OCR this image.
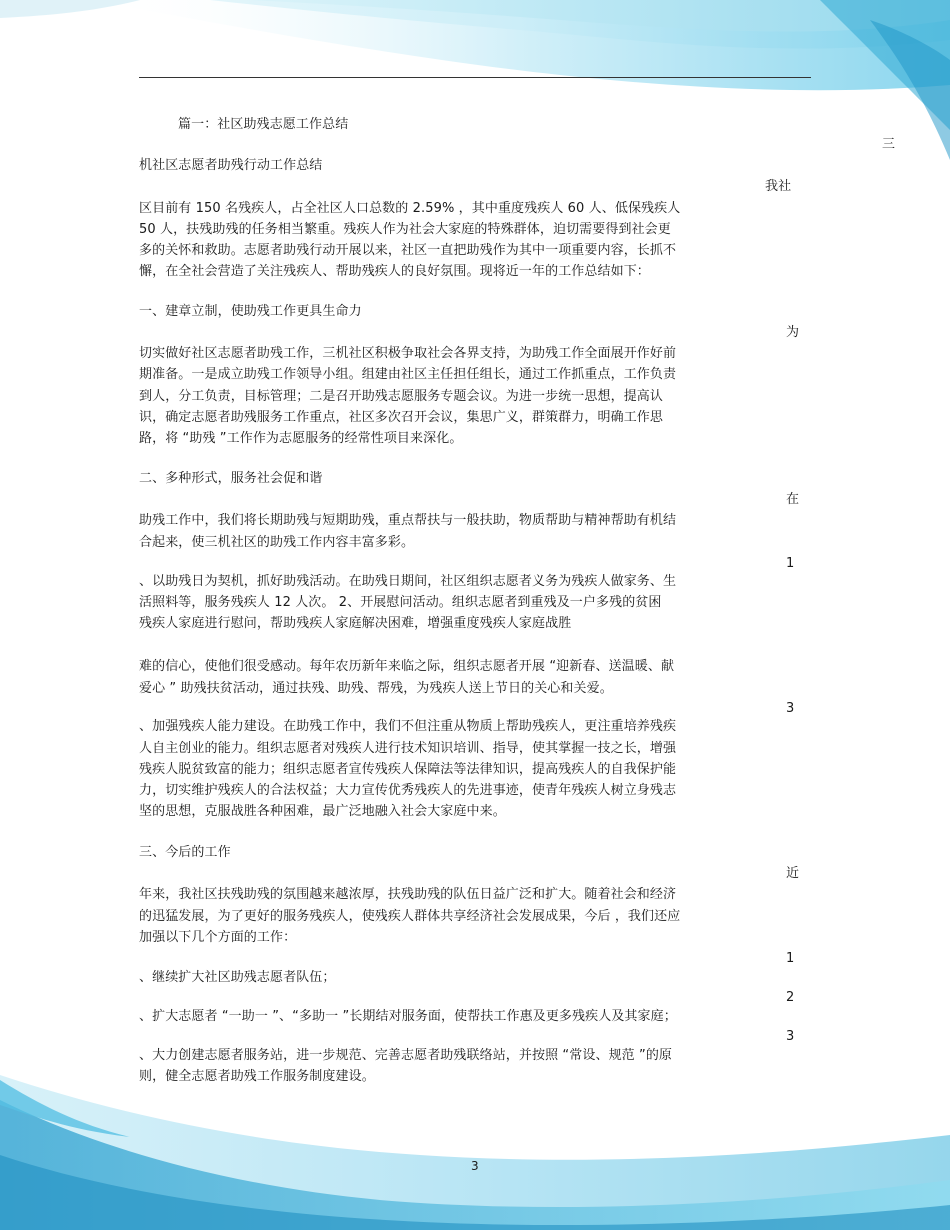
三
篇一：社区助残志愿工作总结
机社区志愿者助残行动工作总结
我社
区目前有 150 名残疾人，占全社区人口总数的 2.59% ，其中重度残疾人 60 人、低保残疾人
50 人，扶残助残的任务相当繁重。残疾人作为社会大家庭的特殊群体，迫切需要得到社会更
多的关怀和救助。志愿者助残行动开展以来，社区一直把助残作为其中一项重要内容，长抓不
懈，在全社会营造了关注残疾人、帮助残疾人的良好氛围。现将近一年的工作总结如下：
一、建章立制，使助残工作更具生命力
为
切实做好社区志愿者助残工作，三机社区积极争取社会各界支持，为助残工作全面展开作好前
期准备。一是成立助残工作领导小组。组建由社区主任担任组长，通过工作抓重点，工作负责
到人，分工负责，目标管理；二是召开助残志愿服务专题会议。为进一步统一思想，提高认
识，确定志愿者助残服务工作重点，社区多次召开会议，集思广义，群策群力，明确工作思
路，将 “助残 ”工作作为志愿服务的经常性项目来深化。
二、多种形式，服务社会促和谐
在
助残工作中，我们将长期助残与短期助残，重点帮扶与一般扶助，物质帮助与精神帮助有机结
合起来，使三机社区的助残工作内容丰富多彩。
1
、以助残日为契机，抓好助残活动。在助残日期间，社区组织志愿者义务为残疾人做家务、生
活照料等，服务残疾人 12 人次。 2、开展慰问活动。组织志愿者到重残及一户多残的贫困
残疾人家庭进行慰问，帮助残疾人家庭解决困难，增强重度残疾人家庭战胜
难的信心，使他们很受感动。每年农历新年来临之际，组织志愿者开展 “迎新春、送温暖、献
爱心 ” 助残扶贫活动，通过扶残、助残、帮残，为残疾人送上节日的关心和关爱。
3
、加强残疾人能力建设。在助残工作中，我们不但注重从物质上帮助残疾人，更注重培养残疾
人自主创业的能力。组织志愿者对残疾人进行技术知识培训、指导，使其掌握一技之长，增强
残疾人脱贫致富的能力；组织志愿者宣传残疾人保障法等法律知识，提高残疾人的自我保护能
力，切实维护残疾人的合法权益；大力宣传优秀残疾人的先进事迹，使青年残疾人树立身残志
坚的思想，克服战胜各种困难，最广泛地融入社会大家庭中来。
三、今后的工作
近
年来，我社区扶残助残的氛围越来越浓厚，扶残助残的队伍日益广泛和扩大。随着社会和经济
的迅猛发展，为了更好的服务残疾人，使残疾人群体共享经济社会发展成果，今后 ，我们还应
加强以下几个方面的工作：
1
、继续扩大社区助残志愿者队伍；
2
、扩大志愿者 “一助一 ”、“多助一 ”长期结对服务面，使帮扶工作惠及更多残疾人及其家庭；
3
、大力创建志愿者服务站，进一步规范、完善志愿者助残联络站，并按照 “常设、规范 ”的原
则，健全志愿者助残工作服务制度建设。
3
